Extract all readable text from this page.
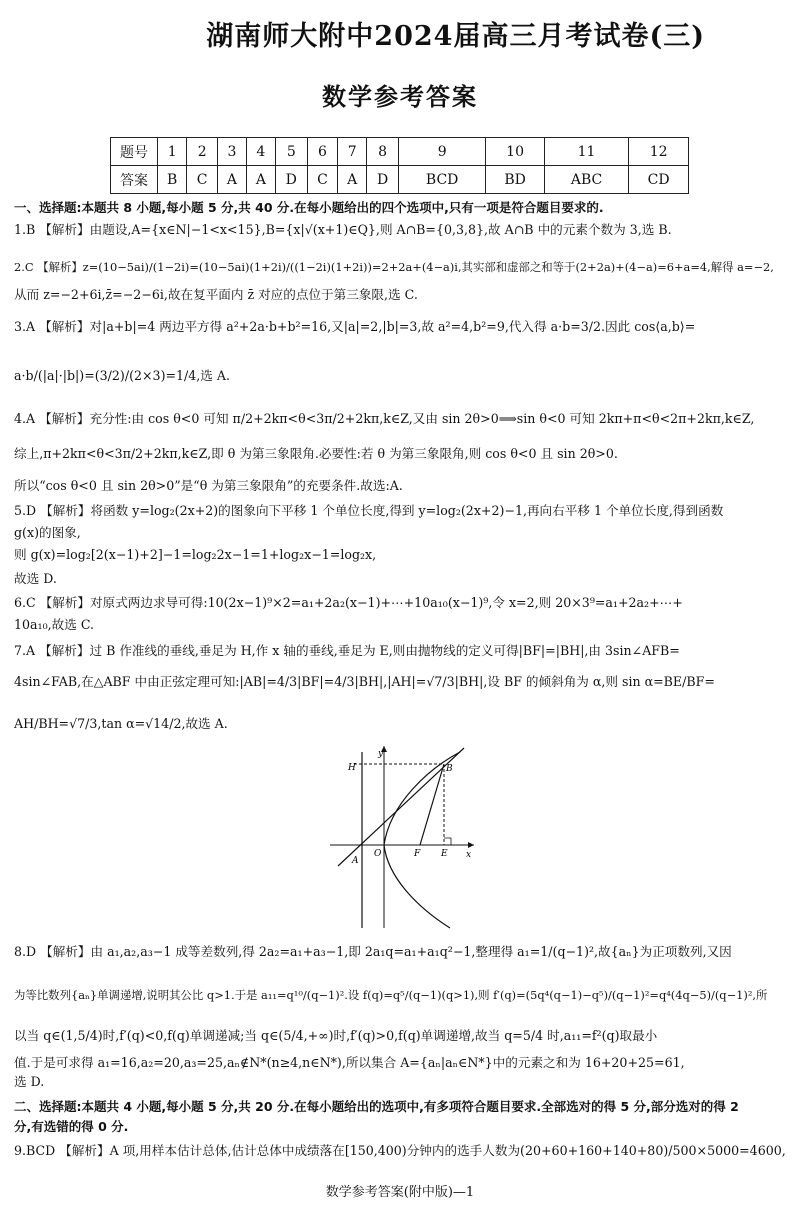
湖南师大附中2024届高三月考试卷(三)
数学参考答案
题号	1	2	3	4	5	6	7	8	9	10	11	12
答案	B	C	A	A	D	C	A	D	BCD	BD	ABC	CD
一、选择题:本题共 8 小题,每小题 5 分,共 40 分.在每小题给出的四个选项中,只有一项是符合题目要求的.
1.B 【解析】由题设,A={x∈N|−1<x<15},B={x|√(x+1)∈Q},则 A∩B={0,3,8},故 A∩B 中的元素个数为 3,选 B.
2.C 【解析】z=(10−5ai)/(1−2i)=(10−5ai)(1+2i)/((1−2i)(1+2i))=2+2a+(4−a)i,其实部和虚部之和等于(2+2a)+(4−a)=6+a=4,解得 a=−2,
从而 z=−2+6i,z̄=−2−6i,故在复平面内 z̄ 对应的点位于第三象限,选 C.
3.A 【解析】对|a+b|=4 两边平方得 a²+2a·b+b²=16,又|a|=2,|b|=3,故 a²=4,b²=9,代入得 a·b=3/2.因此 cos⟨a,b⟩=
a·b/(|a|·|b|)=(3/2)/(2×3)=1/4,选 A.
4.A 【解析】充分性:由 cos θ<0 可知 π/2+2kπ<θ<3π/2+2kπ,k∈Z,又由 sin 2θ>0⟹sin θ<0 可知 2kπ+π<θ<2π+2kπ,k∈Z,
综上,π+2kπ<θ<3π/2+2kπ,k∈Z,即 θ 为第三象限角.必要性:若 θ 为第三象限角,则 cos θ<0 且 sin 2θ>0.
所以“cos θ<0 且 sin 2θ>0”是“θ 为第三象限角”的充要条件.故选:A.
5.D 【解析】将函数 y=log₂(2x+2)的图象向下平移 1 个单位长度,得到 y=log₂(2x+2)−1,再向右平移 1 个单位长度,得到函数
g(x)的图象,
则 g(x)=log₂[2(x−1)+2]−1=log₂2x−1=1+log₂x−1=log₂x,
故选 D.
6.C 【解析】对原式两边求导可得:10(2x−1)⁹×2=a₁+2a₂(x−1)+⋯+10a₁₀(x−1)⁹,令 x=2,则 20×3⁹=a₁+2a₂+⋯+
10a₁₀,故选 C.
7.A 【解析】过 B 作准线的垂线,垂足为 H,作 x 轴的垂线,垂足为 E,则由抛物线的定义可得|BF|=|BH|,由 3sin∠AFB=
4sin∠FAB,在△ABF 中由正弦定理可知:|AB|=4/3|BF|=4/3|BH|,|AH|=√7/3|BH|,设 BF 的倾斜角为 α,则 sin α=BE/BF=
AH/BH=√7/3,tan α=√14/2,故选 A.
y
x
H	B
A
O	F E
8.D 【解析】由 a₁,a₂,a₃−1 成等差数列,得 2a₂=a₁+a₃−1,即 2a₁q=a₁+a₁q²−1,整理得 a₁=1/(q−1)²,故{aₙ}为正项数列,又因
为等比数列{aₙ}单调递增,说明其公比 q>1.于是 a₁₁=q¹⁰/(q−1)².设 f(q)=q⁵/(q−1)(q>1),则 f′(q)=(5q⁴(q−1)−q⁵)/(q−1)²=q⁴(4q−5)/(q−1)²,所
以当 q∈(1,5/4)时,f′(q)<0,f(q)单调递减;当 q∈(5/4,+∞)时,f′(q)>0,f(q)单调递增,故当 q=5/4 时,a₁₁=f²(q)取最小
值.于是可求得 a₁=16,a₂=20,a₃=25,aₙ∉N*(n≥4,n∈N*),所以集合 A={aₙ|aₙ∈N*}中的元素之和为 16+20+25=61,
选 D.
二、选择题:本题共 4 小题,每小题 5 分,共 20 分.在每小题给出的选项中,有多项符合题目要求.全部选对的得 5 分,部分选对的得 2
分,有选错的得 0 分.
9.BCD 【解析】A 项,用样本估计总体,估计总体中成绩落在[150,400)分钟内的选手人数为(20+60+160+140+80)/500×5000=4600,
数学参考答案(附中版)—1
